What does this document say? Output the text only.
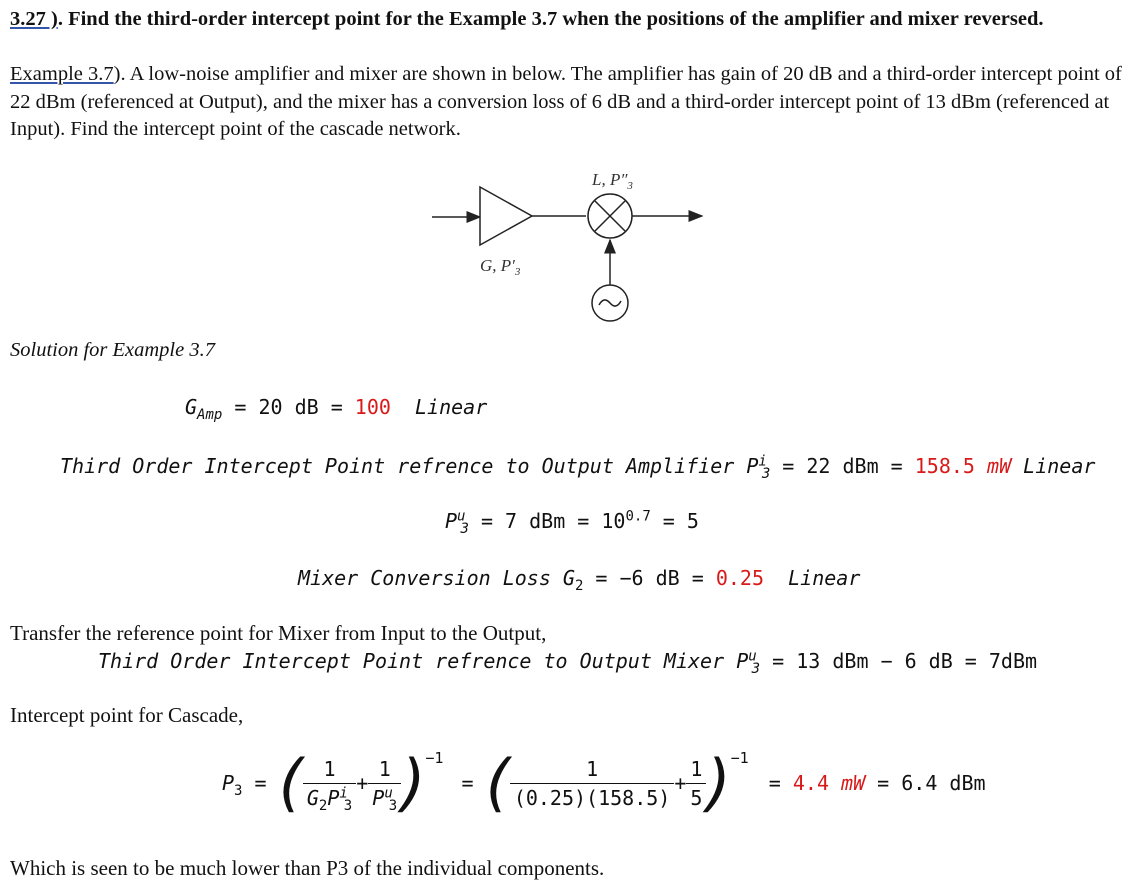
3.27 ). Find the third-order intercept point for the Example 3.7 when the positions of the amplifier and mixer reversed.
Example 3.7). A low-noise amplifier and mixer are shown in below. The amplifier has gain of 20 dB and a third-order intercept point of 22 dBm (referenced at Output), and the mixer has a conversion loss of 6 dB and a third-order intercept point of 13 dBm (referenced at Input). Find the intercept point of the cascade network.
L, $P''_3$
G, $P'_3$
Solution for Example 3.7
$G_{Amp} = 20$ dB = 100 Linear
Third Order Intercept Point refrence to Output Amplifier $P^i_3 = 22$ dBm = 158.5 mW Linear
$P^u_3 = 7$ dBm = $10^{0.7} = 5$
Mixer Conversion Loss $G_2 = -6$ dB = 0.25 Linear
Transfer the reference point for Mixer from Input to the Output,
Third Order Intercept Point refrence to Output Mixer $P^u_3 = 13$ dBm − 6 dB = 7dBm
Intercept point for Cascade,
$P_3$ = ( $\frac{1}{G_2P^i_3} + \frac{1}{P^u_3} )^{-1}$ = ( $\frac{1}{(0.25)(158.5)} + \frac{1}{5} )^{-1} = 4.4$ mW = 6.4 dBm
Which is seen to be much lower than P3 of the individual components.
